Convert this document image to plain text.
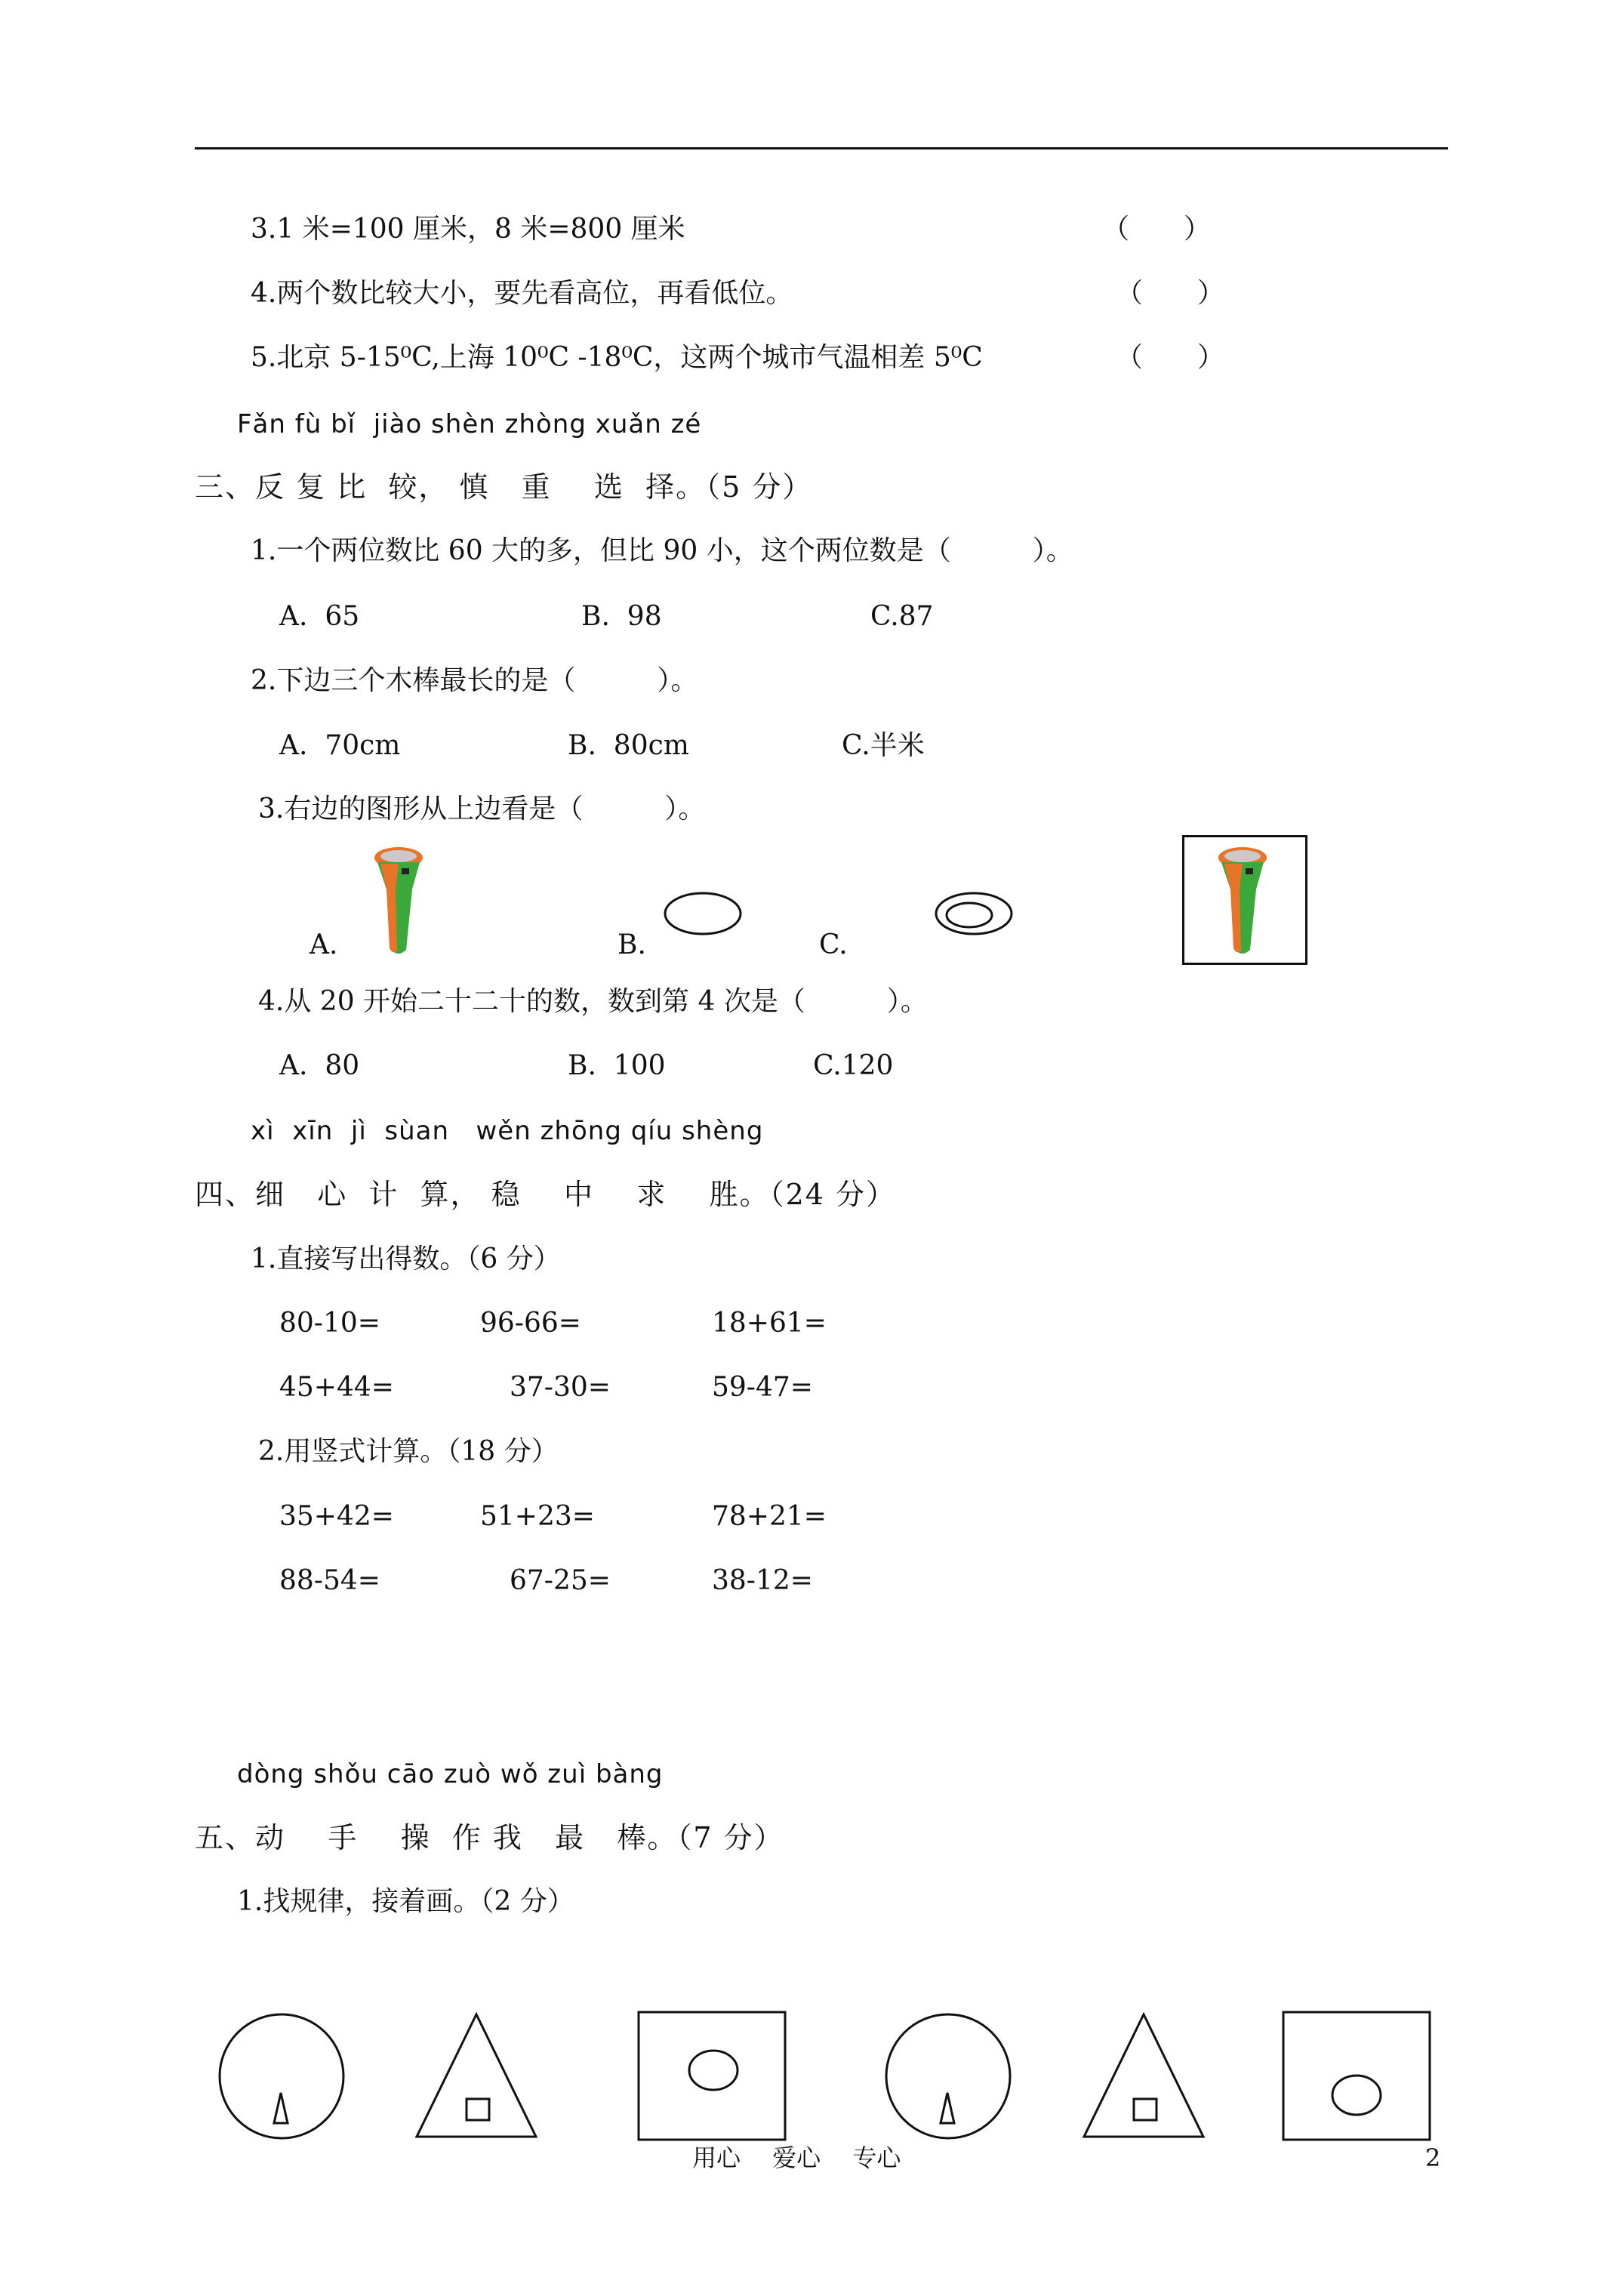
3.1 米=100 厘米，8 米=800 厘米	（　　）
4.两个数比较大小，要先看高位，再看低位。	（　　）
5.北京 5-15⁰C,上海 10⁰C -18⁰C，这两个城市气温相差 5⁰C	（　　）
Fǎn fù bǐ  jiào shèn zhòng xuǎn zé
三、反 复 比  较， 慎   重    选  择。（5 分）
1.一个两位数比 60 大的多，但比 90 小，这个两位数是（　　　）。
A.  65	B.  98	C.87
2.下边三个木棒最长的是（　　　）。
A.  70cm	B.  80cm	C.半米
3.右边的图形从上边看是（　　　）。
A.	B.	C.
4.从 20 开始二十二十的数，数到第 4 次是（　　　）。
A.  80	B.  100	C.120
xì  xīn  jì  sùan   wěn zhōng qíu shèng
四、细   心  计  算， 稳    中    求    胜。（24 分）
1.直接写出得数。（6 分）
80-10=	96-66=	18+61=
45+44=	37-30=	59-47=
2.用竖式计算。（18 分）
35+42=	51+23=	78+21=
88-54=	67-25=	38-12=
dòng shǒu cāo zuò wǒ zuì bàng
五、动    手    操  作 我   最   棒。（7 分）
1.找规律，接着画。（2 分）
用心　 爱心　 专心	2
